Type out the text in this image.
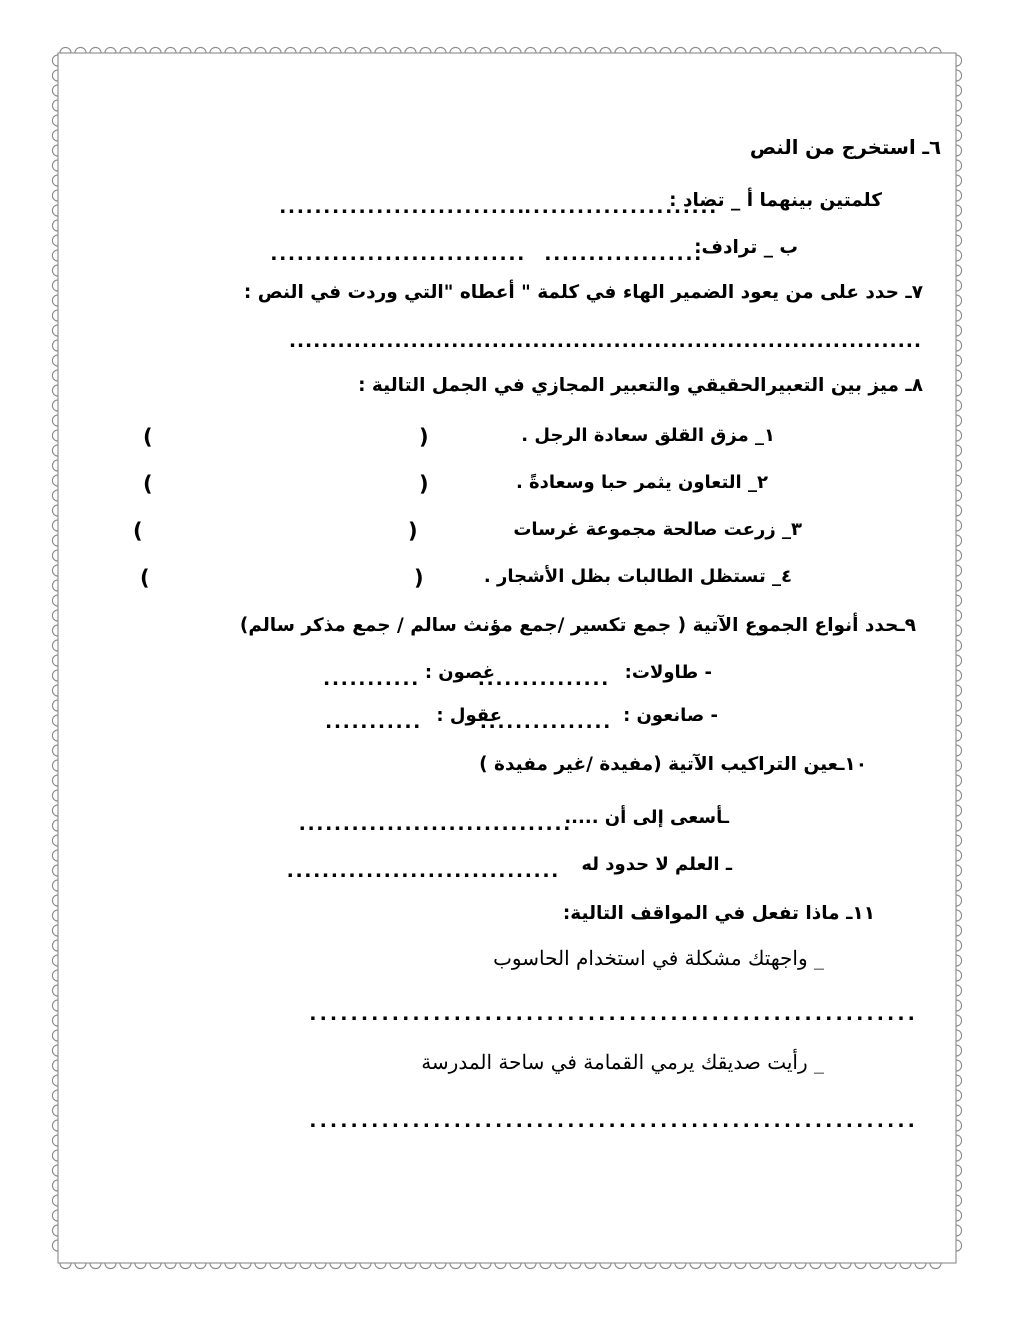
٦ـ استخرج من النص
كلمتين بينهما أ _ تضاد :
......................
............................
ب _ ترادف:
..................
.............................
٧ـ حدد على من يعود الضمير الهاء في كلمة " أعطاه "التي وردت في النص :
..............................................................................
٨ـ ميز بين التعبيرالحقيقي والتعبير المجازي في الجمل التالية :
١_ مزق القلق سعادة الرجل .
)
(
٢_ التعاون يثمر حبا وسعادةً .
)
(
٣_ زرعت صالحة مجموعة غرسات
)
(
٤_ تستظل الطالبات بظل الأشجار .
)
(
٩ـحدد أنواع الجموع الآتية ( جمع تكسير /جمع مؤنث سالم / جمع مذكر سالم)
- طاولات:
...............
غصون :
...........
- صانعون :
...............
عقول :
...........
١٠ـعين التراكيب الآتية (مفيدة /غير مفيدة )
ـأسعى إلى أن .....
...............................
ـ العلم لا حدود له
...............................
١١ـ ماذا تفعل في المواقف التالية:
_ واجهتك مشكلة في استخدام الحاسوب
...........................................................
_ رأيت صديقك يرمي القمامة في ساحة المدرسة
...........................................................
